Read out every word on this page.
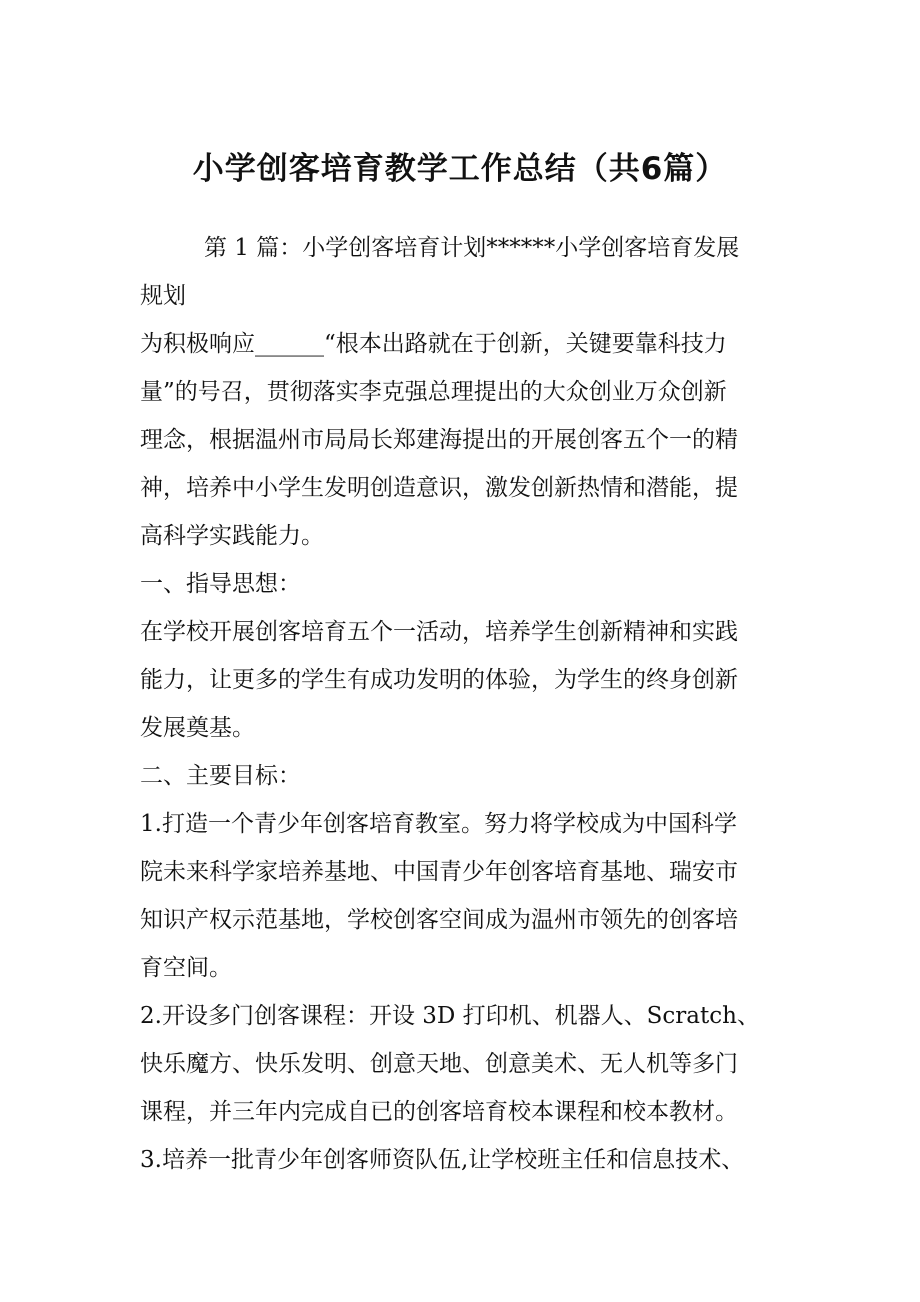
小学创客培育教学工作总结（共6篇）
第 1 篇：小学创客培育计划******小学创客培育发展
规划
为积极响应______“根本出路就在于创新，关键要靠科技力
量”的号召，贯彻落实李克强总理提出的大众创业万众创新
理念，根据温州市局局长郑建海提出的开展创客五个一的精
神，培养中小学生发明创造意识，激发创新热情和潜能，提
高科学实践能力。
一、指导思想：
在学校开展创客培育五个一活动，培养学生创新精神和实践
能力，让更多的学生有成功发明的体验，为学生的终身创新
发展奠基。
二、主要目标：
1.打造一个青少年创客培育教室。努力将学校成为中国科学
院未来科学家培养基地、中国青少年创客培育基地、瑞安市
知识产权示范基地，学校创客空间成为温州市领先的创客培
育空间。
2.开设多门创客课程：开设 3D 打印机、机器人、Scratch、
快乐魔方、快乐发明、创意天地、创意美术、无人机等多门
课程，并三年内完成自已的创客培育校本课程和校本教材。
3.培养一批青少年创客师资队伍,让学校班主任和信息技术、
